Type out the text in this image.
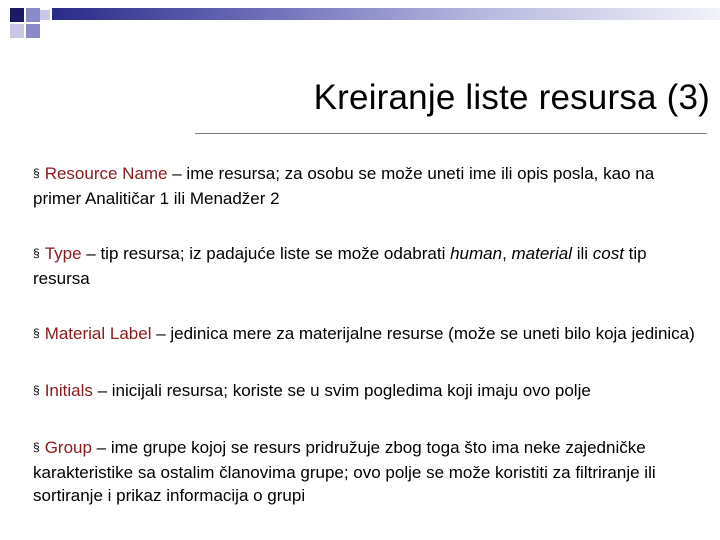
Kreiranje liste resursa (3)

§ Resource Name – ime resursa; za osobu se može uneti ime ili opis posla, kao na primer Analitičar 1 ili Menadžer 2

§ Type – tip resursa; iz padajuće liste se može odabrati human, material ili cost tip resursa

§ Material Label – jedinica mere za materijalne resurse (može se uneti bilo koja jedinica)

§ Initials – inicijali resursa; koriste se u svim pogledima koji imaju ovo polje

§ Group – ime grupe kojoj se resurs pridružuje zbog toga što ima neke zajedničke karakteristike sa ostalim članovima grupe; ovo polje se može koristiti za filtriranje ili sortiranje i prikaz informacija o grupi
